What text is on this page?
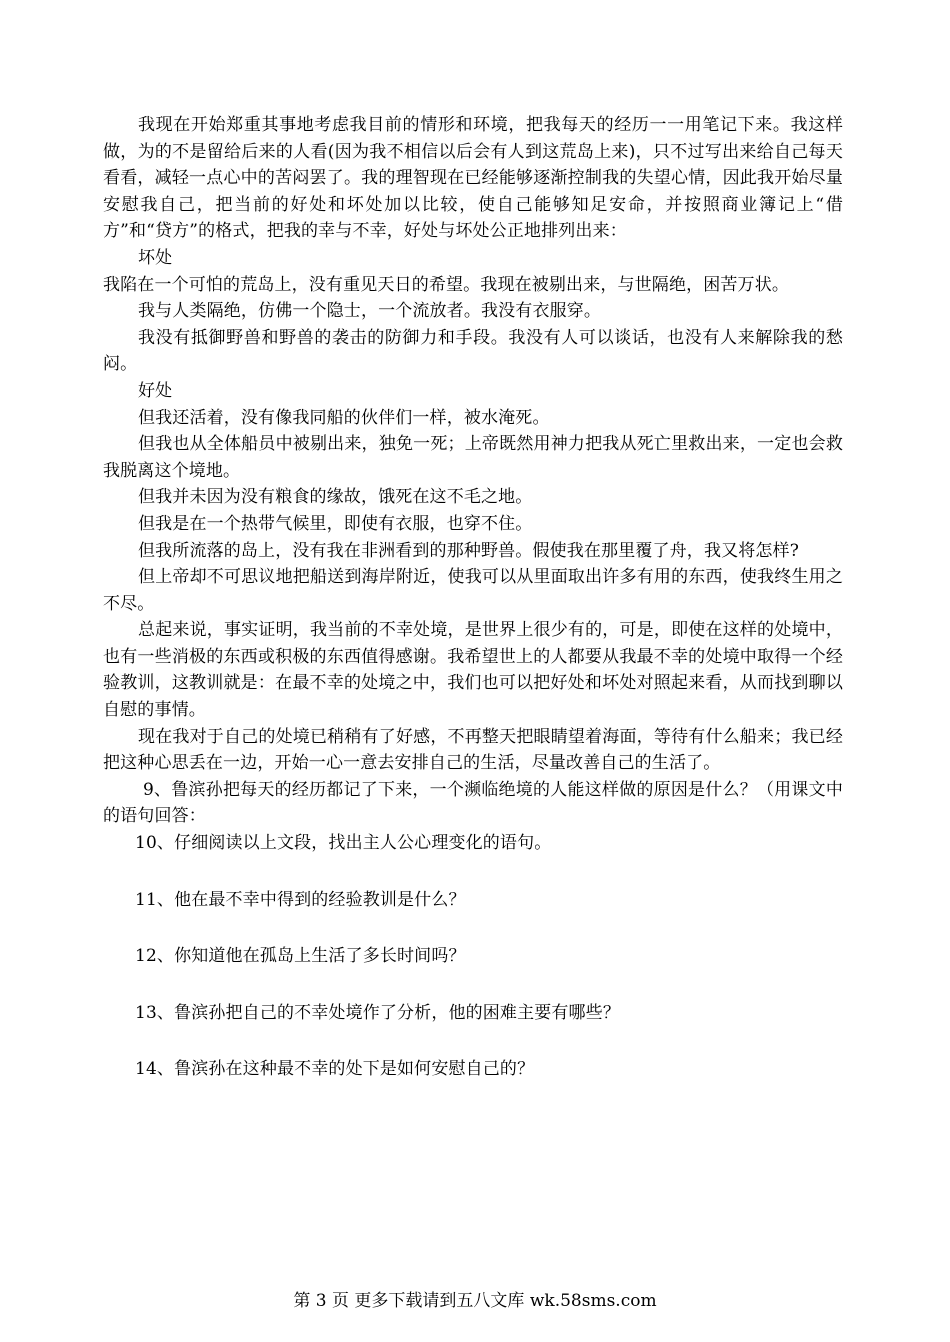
我现在开始郑重其事地考虑我目前的情形和环境，把我每天的经历一一用笔记下来。我这样做，为的不是留给后来的人看(因为我不相信以后会有人到这荒岛上来)，只不过写出来给自己每天看看，减轻一点心中的苦闷罢了。我的理智现在已经能够逐渐控制我的失望心情，因此我开始尽量安慰我自己，把当前的好处和坏处加以比较，使自己能够知足安命，并按照商业簿记上“借方”和“贷方”的格式，把我的幸与不幸，好处与坏处公正地排列出来：

坏处

我陷在一个可怕的荒岛上，没有重见天日的希望。我现在被剔出来，与世隔绝，困苦万状。

我与人类隔绝，仿佛一个隐士，一个流放者。我没有衣服穿。

我没有抵御野兽和野兽的袭击的防御力和手段。我没有人可以谈话，也没有人来解除我的愁闷。

好处

但我还活着，没有像我同船的伙伴们一样，被水淹死。

但我也从全体船员中被剔出来，独免一死；上帝既然用神力把我从死亡里救出来，一定也会救我脱离这个境地。

但我并未因为没有粮食的缘故，饿死在这不毛之地。

但我是在一个热带气候里，即使有衣服，也穿不住。

但我所流落的岛上，没有我在非洲看到的那种野兽。假使我在那里覆了舟，我又将怎样?

但上帝却不可思议地把船送到海岸附近，使我可以从里面取出许多有用的东西，使我终生用之不尽。

总起来说，事实证明，我当前的不幸处境，是世界上很少有的，可是，即使在这样的处境中，也有一些消极的东西或积极的东西值得感谢。我希望世上的人都要从我最不幸的处境中取得一个经验教训，这教训就是：在最不幸的处境之中，我们也可以把好处和坏处对照起来看，从而找到聊以自慰的事情。

现在我对于自己的处境已稍稍有了好感，不再整天把眼睛望着海面，等待有什么船来；我已经把这种心思丢在一边，开始一心一意去安排自己的生活，尽量改善自己的生活了。

9、鲁滨孙把每天的经历都记了下来，一个濒临绝境的人能这样做的原因是什么？（用课文中的语句回答：

10、仔细阅读以上文段，找出主人公心理变化的语句。

11、他在最不幸中得到的经验教训是什么？

12、你知道他在孤岛上生活了多长时间吗？

13、鲁滨孙把自己的不幸处境作了分析，他的困难主要有哪些？

14、鲁滨孙在这种最不幸的处下是如何安慰自己的？

第 3 页 更多下载请到五八文库 wk.58sms.com
